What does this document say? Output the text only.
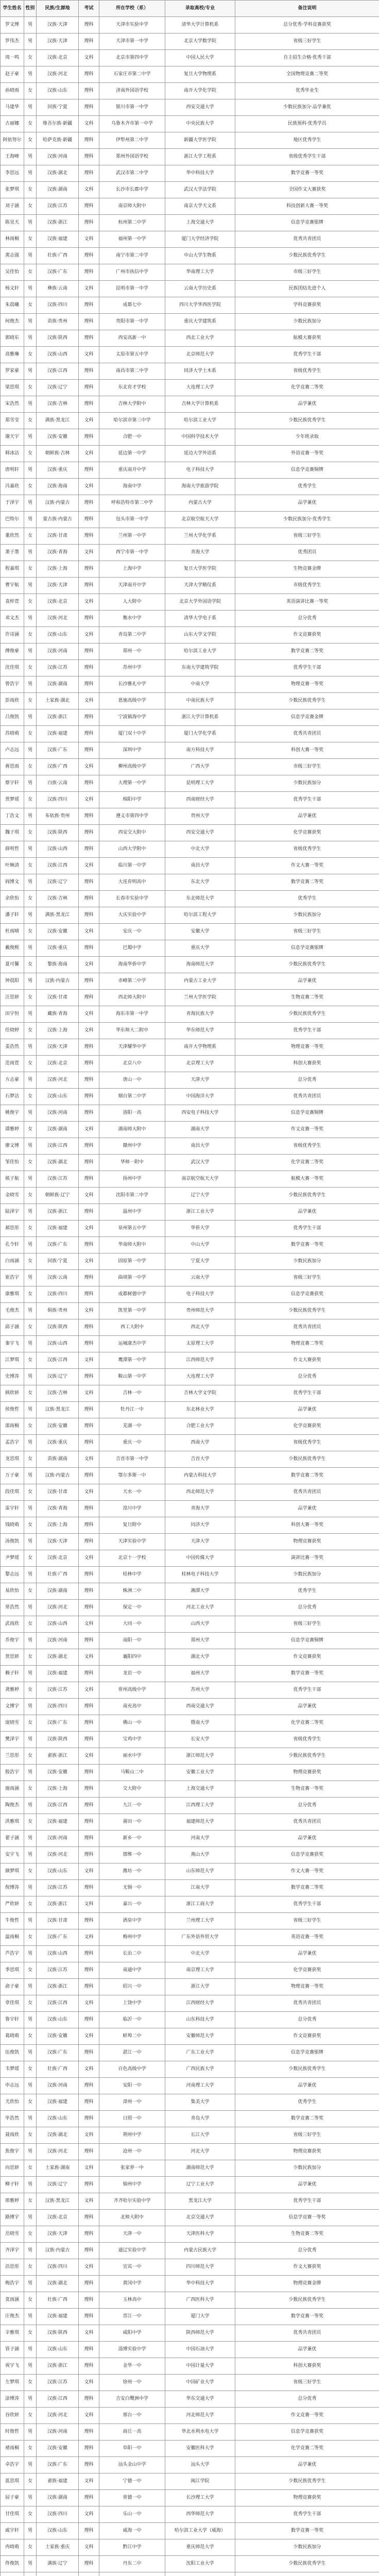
学生姓名	性别	民族/生源地	考试	所在学校（系）	录取高校/专业	备注说明
罗文博	男	汉族·天津	理科	天津市实验中学	清华大学计算机系	总分优秀·学科竞赛获奖
罗伟杰	男	汉族·天津	理科	天津市第一中学	北京大学数学院	省级三好学生
周一鸣	女	汉族·北京	文科	北京市第四中学	中国人民大学	自主招生合格·优秀干部
赵子豪	男	汉族·河北	理科	石家庄市第二中学	复旦大学物理系	全国物理竞赛二等奖
孙晓雨	女	汉族·山东	理科	济南外国语学校	南开大学化学院	优秀毕业生
马建华	男	回族·宁夏	理科	银川市第一中学	西安交通大学	少数民族加分·品学兼优
古丽娜	女	维吾尔族·新疆	文科	乌鲁木齐市第一中学	中央民族大学	民族预科·优秀学员
阿依努尔	女	哈萨克族·新疆	理科	伊犁州第二中学	新疆大学医学院	地区优秀学生
王海峰	男	汉族·河南	理科	郑州外国语学校	浙江大学工程系	省级优秀学生干部
李思远	男	汉族·湖北	理科	武汉市第二中学	华中科技大学	数学竞赛一等奖
张梦琪	女	汉族·湖南	文科	长沙市长郡中学	武汉大学法学院	全国作文大赛获奖
刘子涵	女	汉族·江苏	理科	南京师大附中	南京大学天文系	科技创新大赛一等奖
陈昊天	男	汉族·浙江	理科	杭州第二中学	上海交通大学	信息学竞赛银牌
林雨桐	女	汉族·福建	文科	福州第一中学	厦门大学经济学院	优秀共青团员
黄志强	男	壮族·广西	理科	南宁市第二中学	中山大学生物系	少数民族优秀学生
吴佳怡	女	汉族·广东	理科	广州市执信中学	华南理工大学	市级三好学生
杨文轩	男	彝族·云南	文科	昆明市第一中学	云南大学历史系	民族团结先进个人
朱晨曦	女	汉族·四川	理科	成都七中	四川大学华西医学院	学科竞赛获奖
何俊杰	男	苗族·贵州	理科	贵阳市第一中学	重庆大学建筑系	少数民族加分
郭晓东	男	汉族·陕西	理科	西安高新一中	西北工业大学	航模大赛获奖
高雅琳	女	汉族·山西	文科	太原市第五中学	北京师范大学	优秀学生干部
罗家豪	男	汉族·江西	理科	南昌市第二中学	同济大学土木系	省级优秀学生
梁思琪	女	汉族·辽宁	理科	东北育才学校	大连理工大学	化学竞赛二等奖
宋浩然	男	汉族·吉林	理科	吉林大学附中	吉林大学计算机系	品学兼优
郑雪莹	女	满族·黑龙江	文科	哈尔滨市第三中学	哈尔滨工业大学	少数民族优秀学生
谢天宇	男	汉族·安徽	理科	合肥一中	中国科学技术大学	少年班录取
韩冰洁	女	朝鲜族·吉林	文科	延边第一中学	延边大学外语系	外语竞赛一等奖
唐明轩	男	汉族·重庆	理科	重庆南开中学	电子科技大学	信息学竞赛铜牌
冯嘉欣	女	汉族·海南	文科	海南中学	海南大学旅游学院	优秀学生
于泽宇	男	汉族·内蒙古	理科	呼和浩特市第二中学	内蒙古大学	品学兼优
巴特尔	男	蒙古族·内蒙古	理科	包头市第一中学	北京航空航天大学	少数民族加分·优秀学生
董欣然	女	汉族·甘肃	理科	兰州第一中学	兰州大学化学系	省级三好学生
萧子墨	男	汉族·青海	文科	西宁市第一中学	青海大学	优秀团员
程嘉琪	女	汉族·上海	理科	上海中学	复旦大学医学院	生物竞赛金牌
曹宇航	男	汉族·天津	理科	天津南开中学	天津大学精仪系	市级优秀学生
袁梓萱	女	汉族·北京	文科	人大附中	北京大学外国语学院	英语演讲比赛一等奖
邓文杰	男	汉族·河北	理科	衡水中学	清华大学电子系	总分优秀
许诗涵	女	汉族·山东	文科	青岛第二中学	山东大学文学院	作文竞赛获奖
傅俊豪	男	汉族·河南	理科	郑州一中	哈尔滨工业大学	数学竞赛二等奖
沈佳琪	女	汉族·江苏	理科	苏州中学	东南大学建筑学院	优秀学生干部
曾浩宇	男	汉族·湖南	理科	长沙雅礼中学	中南大学	物理竞赛一等奖
彭雨欣	女	土家族·湖北	文科	恩施高级中学	中南民族大学	少数民族优秀学生
吕俊凯	男	汉族·浙江	理科	宁波镇海中学	浙江大学计算机系	信息学竞赛金牌
苏晓萌	女	汉族·福建	理科	厦门双十中学	厦门大学化学系	优秀共青团员
卢志远	男	汉族·广东	理科	深圳中学	南方科技大学	科创大赛一等奖
蒋思雨	女	汉族·广西	文科	柳州高级中学	广西大学	市级三好学生
蔡宇轩	男	白族·云南	理科	大理第一中学	昆明理工大学	少数民族加分
贾梦瑶	女	汉族·四川	文科	绵阳中学	西南财经大学	优秀学生干部
丁浩文	男	布依族·贵州	理科	遵义市第四中学	贵州大学	品学兼优
魏子琪	女	汉族·陕西	理科	西安交大附中	西安交通大学	化学竞赛获奖
薛明哲	男	汉族·山西	理科	山西大学附中	中北大学	省级优秀学生
叶婉清	女	汉族·江西	文科	临川第一中学	南昌大学	作文大赛一等奖
阎博文	男	汉族·辽宁	理科	大连育明高中	东北大学	数学竞赛二等奖
余欣怡	女	汉族·吉林	理科	长春市实验中学	东北师范大学	优秀学生
潘子轩	男	满族·黑龙江	理科	大庆实验中学	哈尔滨工程大学	少数民族加分
杜雨晴	女	汉族·安徽	文科	安庆一中	安徽大学	省级三好学生
戴俊熙	男	汉族·重庆	理科	巴蜀中学	重庆大学	信息学竞赛银牌
夏可馨	女	黎族·海南	文科	海南华侨中学	海南师范大学	少数民族优秀学生
钟晨阳	男	汉族·内蒙古	理科	赤峰第二中学	内蒙古工业大学	品学兼优
汪思妍	女	汉族·甘肃	理科	西北师大附中	兰州大学医学院	生物竞赛二等奖
田宇恒	男	藏族·青海	文科	海东市第一中学	青海民族大学	少数民族优秀学生
任晓婷	女	汉族·上海	文科	华东师大二附中	华东师范大学	优秀学生干部
姜浩然	男	汉族·天津	理科	天津耀华中学	南开大学物理系	物理竞赛一等奖
范雨萱	女	汉族·北京	理科	北京八中	北京理工大学	科创大赛获奖
方志豪	男	汉族·河北	理科	唐山一中	天津大学	总分优秀
石梦洁	女	汉族·山东	理科	烟台第二中学	中国海洋大学	优秀共青团员
姚俊宇	男	汉族·河南	理科	洛阳一高	西安电子科技大学	信息学竞赛铜牌
谭雅婷	女	汉族·湖南	文科	湖南师大附中	湖南大学	作文竞赛一等奖
廖文博	男	汉族·江西	理科	赣州中学	南昌大学	省级优秀学生
邹佳怡	女	汉族·湖北	理科	华师一附中	武汉大学	化学竞赛二等奖
熊子航	男	汉族·江苏	理科	扬州中学	南京航空航天大学	航模大赛一等奖
金晓雪	女	朝鲜族·辽宁	文科	沈阳市第二中学	辽宁大学	少数民族优秀学生
陆泽宇	男	汉族·浙江	理科	温州中学	浙江工业大学	品学兼优
郝思彤	女	汉族·福建	文科	泉州第五中学	华侨大学	优秀学生干部
孔令轩	男	汉族·广东	理科	华南师大附中	中山大学	数学竞赛一等奖
白雨涵	女	回族·宁夏	文科	固原第一中学	宁夏大学	少数民族加分
崔浩宇	男	汉族·云南	理科	曲靖第一中学	云南大学	省级三好学生
康雅琪	女	汉族·四川	理科	成都树德中学	电子科技大学	信息学竞赛获奖
毛俊杰	男	侗族·贵州	文科	凯里第一中学	贵州师范大学	少数民族优秀学生
邱子涵	女	汉族·陕西	理科	西工大附中	西北大学	优秀共青团员
秦宇飞	男	汉族·山西	理科	运城康杰中学	太原理工大学	物理竞赛二等奖
江梦琪	女	汉族·江西	文科	鹰潭第一中学	江西师范大学	作文大赛获奖
史博涛	男	汉族·辽宁	理科	鞍山第一中学	大连理工大学	总分优秀
顾欣妍	女	汉族·吉林	文科	吉林一中	吉林大学文学院	优秀学生干部
侯俊哲	男	汉族·黑龙江	理科	牡丹江一中	东北林业大学	品学兼优
邵雨桐	女	汉族·安徽	理科	芜湖一中	合肥工业大学	化学竞赛获奖
孟浩宇	男	汉族·重庆	理科	重庆一中	西南大学	省级优秀学生
龙思琪	女	苗族·湖南	文科	吉首市第一中学	吉首大学	少数民族优秀学生
万子豪	男	汉族·内蒙古	理科	鄂尔多斯一中	内蒙古科技大学	数学竞赛二等奖
段佳琪	女	汉族·甘肃	文科	天水一中	西北师范大学	优秀共青团员
雷宇轩	男	汉族·青海	理科	湟川中学	青海大学	品学兼优
钱晓萌	女	汉族·上海	理科	复旦附中	同济大学	科创大赛一等奖
汤俊凯	男	汉族·天津	理科	天津实验中学	天津大学	物理竞赛获奖
尹梦瑶	女	汉族·北京	文科	北京十一学校	中国传媒大学	演讲比赛一等奖
黎志远	男	壮族·广西	理科	桂林中学	桂林电子科技大学	少数民族加分
易欣怡	女	汉族·湖南	理科	株洲二中	湘潭大学	优秀学生
常浩然	男	汉族·河北	理科	保定一中	河北工业大学	总分优秀
武雨欣	女	汉族·山西	文科	大同一中	山西大学	省级三好学生
乔俊宇	男	汉族·河南	理科	南阳一中	郑州大学	信息学竞赛铜牌
贺思妍	女	汉族·湖北	文科	襄阳四中	湖北大学	作文竞赛获奖
赖子轩	男	汉族·福建	理科	龙岩一中	福州大学	数学竞赛一等奖
龚雅婷	女	汉族·江苏	文科	常州高级中学	苏州大学	优秀学生干部
文博宇	男	汉族·四川	理科	南充高中	西南交通大学	品学兼优
庞晓雪	女	汉族·广东	理科	佛山一中	暨南大学	化学竞赛二等奖
樊泽宇	男	汉族·陕西	理科	宝鸡中学	长安大学	省级优秀学生
兰思彤	女	畲族·浙江	文科	丽水中学	浙江师范大学	少数民族优秀学生
殷浩宇	男	汉族·安徽	理科	马鞍山二中	安徽工业大学	物理竞赛获奖
施雨涵	女	汉族·上海	理科	交大附中	上海交通大学	生物竞赛一等奖
陶俊杰	男	汉族·江西	理科	九江一中	江西理工大学	总分优秀
洪雅琪	女	汉族·福建	理科	莆田一中	福建师范大学	优秀共青团员
翟子涵	男	汉族·河南	理科	新乡一中	河南大学	品学兼优
安宇飞	男	汉族·河北	理科	邯郸一中	燕山大学	信息学竞赛获奖
颜梦琪	女	汉族·山东	文科	潍坊一中	山东师范大学	作文大赛一等奖
倪博涛	男	汉族·江苏	理科	无锡一中	江南大学	数学竞赛二等奖
严欣妍	女	汉族·浙江	文科	嘉兴一中	浙江工商大学	优秀学生干部
牛俊哲	男	汉族·甘肃	理科	酒泉中学	兰州理工大学	省级三好学生
温雨桐	女	汉族·广东	文科	梅州中学	广东外语外贸大学	英语竞赛一等奖
芦浩宇	男	汉族·山西	理科	长治二中	中北大学	品学兼优
季思琪	女	汉族·江苏	理科	南通中学	南京理工大学	化学竞赛获奖
俞子豪	男	汉族·浙江	理科	绍兴一中	浙江大学	物理竞赛一等奖
章佳琪	女	汉族·江西	文科	上饶中学	江西财经大学	优秀共青团员
鲁宇轩	男	汉族·山东	理科	临沂一中	山东科技大学	总分优秀
葛晓萌	女	汉族·安徽	文科	蚌埠二中	安徽师范大学	作文竞赛获奖
伍俊凯	男	汉族·广东	理科	湛江一中	广东工业大学	信息学竞赛银牌
韦梦瑶	女	壮族·广西	文科	百色高级中学	广西民族大学	少数民族优秀学生
申志远	男	汉族·河南	理科	安阳一中	河南理工大学	品学兼优
尤欣怡	女	汉族·福建	理科	漳州一中	集美大学	优秀学生
毕浩然	男	汉族·山东	理科	日照一中	青岛大学	数学竞赛二等奖
聂雨欣	女	汉族·湖北	文科	荆州中学	长江大学	省级三好学生
焦俊宇	男	汉族·河北	理科	沧州一中	河北大学	物理竞赛获奖
向思妍	女	土家族·湖南	文科	张家界一中	湖南师范大学	少数民族加分
柳子轩	男	汉族·辽宁	理科	锦州中学	辽宁工业大学	品学兼优
邢雅婷	女	汉族·黑龙江	文科	齐齐哈尔实验中学	黑龙江大学	优秀学生干部
路博宇	男	汉族·北京	理科	北师大附中	北京交通大学	信息学竞赛一等奖
岳晓雪	女	汉族·天津	理科	天津一中	天津医科大学	生物竞赛二等奖
齐泽宇	男	汉族·内蒙古	理科	通辽实验中学	内蒙古民族大学	总分优秀
沿思彤	女	汉族·四川	文科	宜宾一中	四川师范大学	作文大赛获奖
梅浩宇	男	汉族·湖北	理科	黄冈中学	华中科技大学	物理竞赛金牌
莫雨涵	女	壮族·广西	理科	玉林高中	广西医科大学	少数民族优秀学生
庄俊杰	男	汉族·福建	理科	晋江一中	厦门大学	数学竞赛一等奖
辛雅琪	女	汉族·陕西	文科	咸阳中学	陕西师范大学	优秀共青团员
管子涵	男	汉族·山东	理科	淄博实验中学	中国石油大学	品学兼优
祝宇飞	男	汉族·浙江	理科	金华一中	中国计量大学	科创大赛获奖
左梦琪	女	汉族·江苏	文科	徐州一中	中国矿业大学	省级三好学生
涂博涛	男	汉族·江西	理科	吉安白鹭洲中学	华东交通大学	总分优秀
谷欣妍	女	汉族·河北	文科	邢台一中	河北师范大学	作文竞赛一等奖
时俊哲	男	汉族·河南	理科	商丘一高	华北水利水电大学	信息学竞赛获奖
褚雨桐	女	汉族·安徽	理科	阜阳一中	安徽医科大学	化学竞赛二等奖
卓浩宇	男	汉族·广东	理科	汕头金山中学	汕头大学	品学兼优
蓝思琪	女	畲族·福建	文科	宁德一中	闽江学院	少数民族优秀学生
屈子豪	男	汉族·湖南	理科	常德一中	长沙理工大学	物理竞赛获奖
甘佳琪	女	汉族·四川	文科	乐山一中	西华师范大学	优秀学生干部
戚宇轩	男	汉族·山东	理科	威海一中	哈尔滨工业大学（威海）	数学竞赛一等奖
冉晓萌	女	土家族·重庆	文科	黔江中学	重庆师范大学	少数民族加分
佟俊凯	男	满族·辽宁	理科	丹东二中	沈阳工业大学	少数民族优秀学生
